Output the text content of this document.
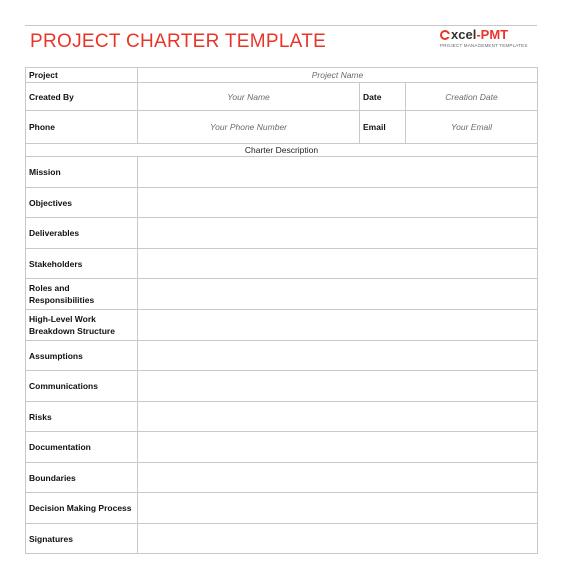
PROJECT CHARTER TEMPLATE	xcel - PMT
PROJECT MANAGEMENT TEMPLATES
Project	Project Name		
Created By	Your Name	Date	Creation Date
Phone	Your Phone Number	Email	Your Email
Charter Description			
Mission			
Objectives			
Deliverables			
Stakeholders			
Roles and Responsibilities			
High-Level Work Breakdown Structure			
Assumptions			
Communications			
Risks			
Documentation			
Boundaries			
Decision Making Process			
Signatures			
